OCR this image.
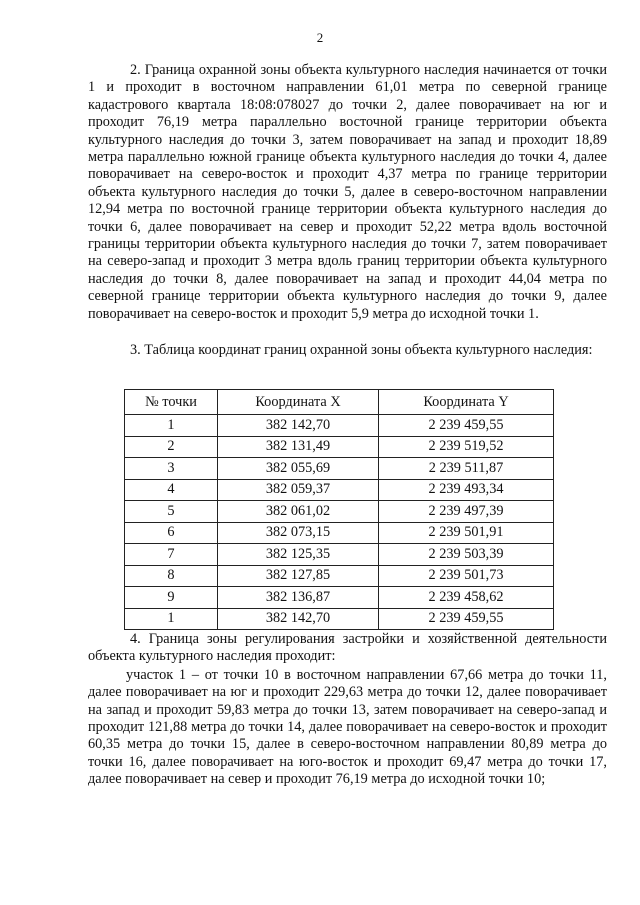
2

2. Граница охранной зоны объекта культурного наследия начинается от точки 1 и проходит в восточном направлении 61,01 метра по северной границе кадастрового квартала 18:08:078027 до точки 2, далее поворачивает на юг и проходит 76,19 метра параллельно восточной границе территории объекта культурного наследия до точки 3, затем поворачивает на запад и проходит 18,89 метра параллельно южной границе объекта культурного наследия до точки 4, далее поворачивает на северо-восток и проходит 4,37 метра по границе территории объекта культурного наследия до точки 5, далее в северо-восточном направлении 12,94 метра по восточной границе территории объекта культурного наследия до точки 6, далее поворачивает на север и проходит 52,22 метра вдоль восточной границы территории объекта культурного наследия до точки 7, затем поворачивает на северо-запад и проходит 3 метра вдоль границ территории объекта культурного наследия до точки 8, далее поворачивает на запад и проходит 44,04 метра по северной границе территории объекта культурного наследия до точки 9, далее поворачивает на северо-восток и проходит 5,9 метра до исходной точки 1.

3. Таблица координат границ охранной зоны объекта культурного наследия:

№ точки	Координата X	Координата Y
1	382 142,70	2 239 459,55
2	382 131,49	2 239 519,52
3	382 055,69	2 239 511,87
4	382 059,37	2 239 493,34
5	382 061,02	2 239 497,39
6	382 073,15	2 239 501,91
7	382 125,35	2 239 503,39
8	382 127,85	2 239 501,73
9	382 136,87	2 239 458,62
1	382 142,70	2 239 459,55

4. Граница зоны регулирования застройки и хозяйственной деятельности объекта культурного наследия проходит:

участок 1 – от точки 10 в восточном направлении 67,66 метра до точки 11, далее поворачивает на юг и проходит 229,63 метра до точки 12, далее поворачивает на запад и проходит 59,83 метра до точки 13, затем поворачивает на северо-запад и проходит 121,88 метра до точки 14, далее поворачивает на северо-восток и проходит 60,35 метра до точки 15, далее в северо-восточном направлении 80,89 метра до точки 16, далее поворачивает на юго-восток и проходит 69,47 метра до точки 17, далее поворачивает на север и проходит 76,19 метра до исходной точки 10;
